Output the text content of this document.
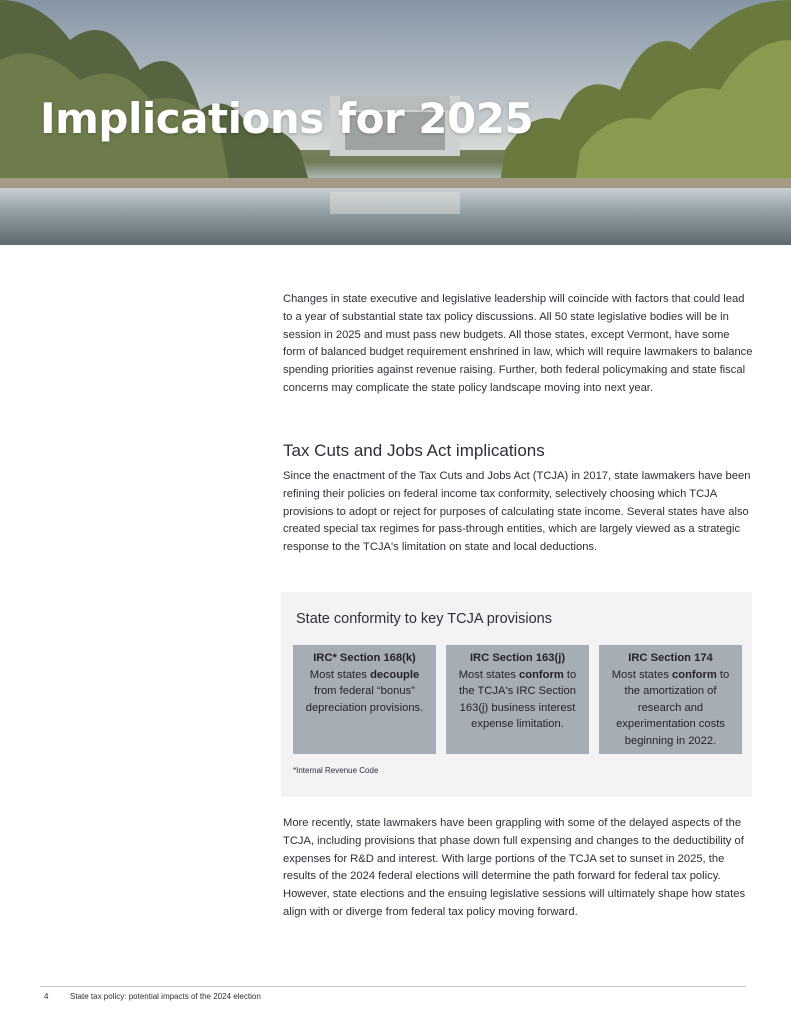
Implications for 2025

Changes in state executive and legislative leadership will coincide with factors that could lead to a year of substantial state tax policy discussions. All 50 state legislative bodies will be in session in 2025 and must pass new budgets. All those states, except Vermont, have some form of balanced budget requirement enshrined in law, which will require lawmakers to balance spending priorities against revenue raising. Further, both federal policymaking and state fiscal concerns may complicate the state policy landscape moving into next year.

Tax Cuts and Jobs Act implications

Since the enactment of the Tax Cuts and Jobs Act (TCJA) in 2017, state lawmakers have been refining their policies on federal income tax conformity, selectively choosing which TCJA provisions to adopt or reject for purposes of calculating state income. Several states have also created special tax regimes for pass-through entities, which are largely viewed as a strategic response to the TCJA's limitation on state and local deductions.

State conformity to key TCJA provisions
IRC* Section 168(k)
Most states decouple from federal “bonus” depreciation provisions.
IRC Section 163(j)
Most states conform to the TCJA's IRC Section 163(j) business interest expense limitation.
IRC Section 174
Most states conform to the amortization of research and experimentation costs beginning in 2022.

*Internal Revenue Code

More recently, state lawmakers have been grappling with some of the delayed aspects of the TCJA, including provisions that phase down full expensing and changes to the deductibility of expenses for R&D and interest. With large portions of the TCJA set to sunset in 2025, the results of the 2024 federal elections will determine the path forward for federal tax policy. However, state elections and the ensuing legislative sessions will ultimately shape how states align with or diverge from federal tax policy moving forward.

4	State tax policy: potential impacts of the 2024 election
